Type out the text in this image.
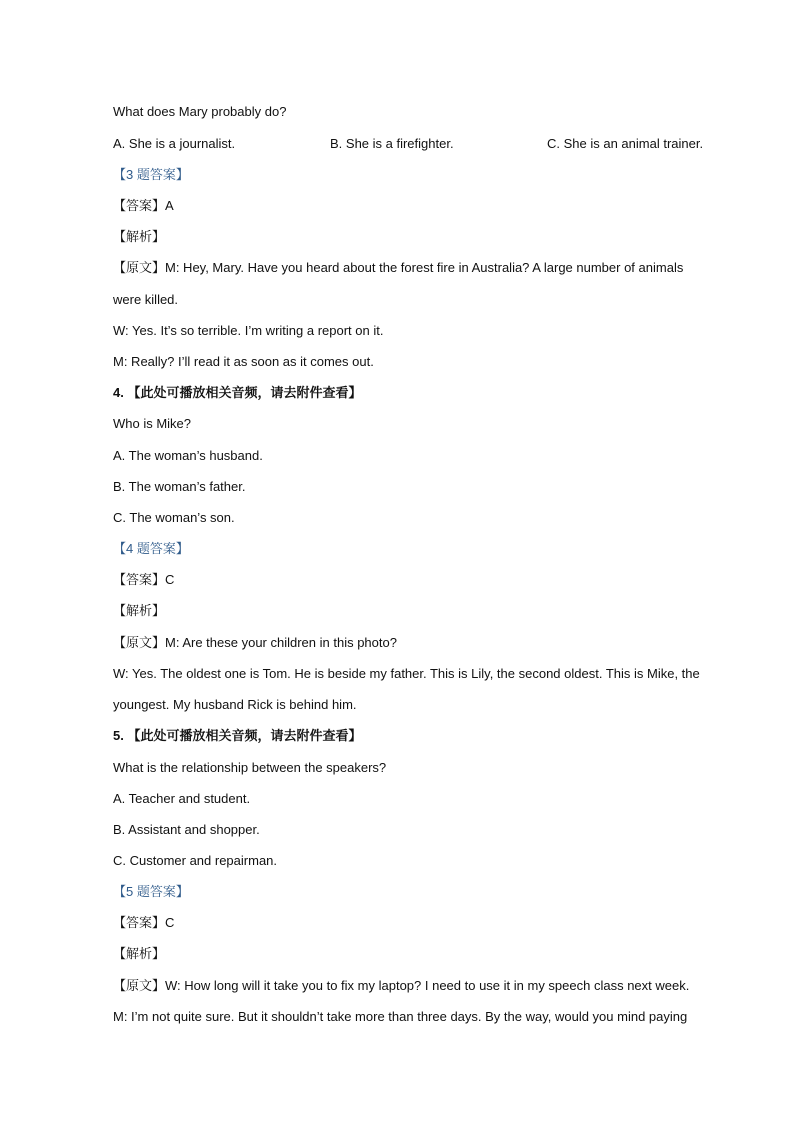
What does Mary probably do?
A. She is a journalist.	B. She is a firefighter.	C. She is an animal trainer.
【3 题答案】
【答案】A
【解析】
【原文】M: Hey, Mary. Have you heard about the forest fire in Australia? A large number of animals
were killed.
W: Yes. It’s so terrible. I’m writing a report on it.
M: Really? I’ll read it as soon as it comes out.
4. 【此处可播放相关音频，请去附件查看】
Who is Mike?
A. The woman’s husband.
B. The woman’s father.
C. The woman’s son.
【4 题答案】
【答案】C
【解析】
【原文】M: Are these your children in this photo?
W: Yes. The oldest one is Tom. He is beside my father. This is Lily, the second oldest. This is Mike, the
youngest. My husband Rick is behind him.
5. 【此处可播放相关音频，请去附件查看】
What is the relationship between the speakers?
A. Teacher and student.
B. Assistant and shopper.
C. Customer and repairman.
【5 题答案】
【答案】C
【解析】
【原文】W: How long will it take you to fix my laptop? I need to use it in my speech class next week.
M: I’m not quite sure. But it shouldn’t take more than three days. By the way, would you mind paying
